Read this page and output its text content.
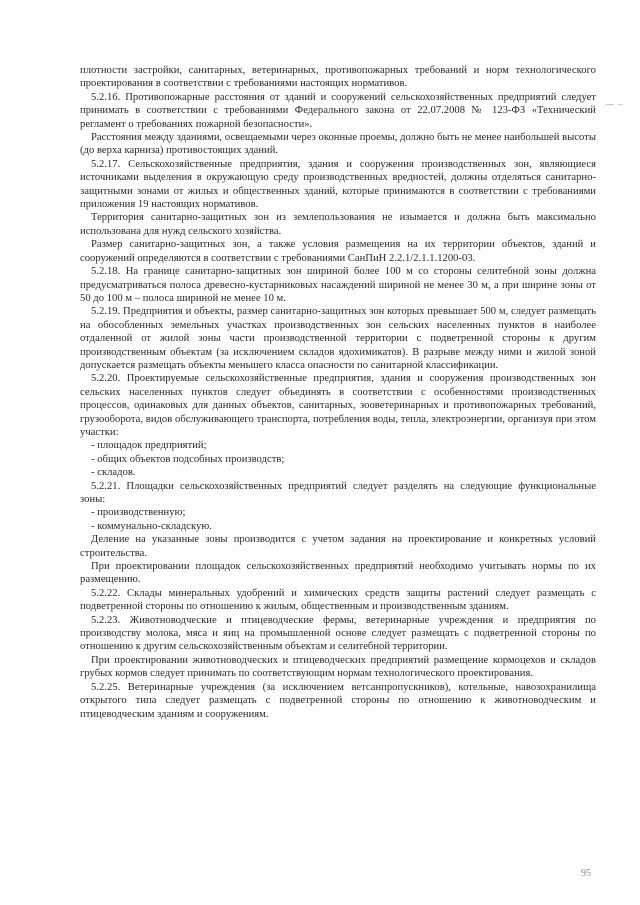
плотности застройки, санитарных, ветеринарных, противопожарных требований и норм технологического проектирования в соответствии с требованиями настоящих нормативов.

5.2.16. Противопожарные расстояния от зданий и сооружений сельскохозяйственных предприятий следует принимать в соответствии с требованиями Федерального закона от 22.07.2008 № 123-ФЗ «Технический регламент о требованиях пожарной безопасности».

Расстояния между зданиями, освещаемыми через оконные проемы, должно быть не менее наибольшей высоты (до верха карниза) противостоящих зданий.

5.2.17. Сельскохозяйственные предприятия, здания и сооружения производственных зон, являющиеся источниками выделения в окружающую среду производственных вредностей, должны отделяться санитарно-защитными зонами от жилых и общественных зданий, которые принимаются в соответствии с требованиями приложения 19 настоящих нормативов.

Территория санитарно-защитных зон из землепользования не изымается и должна быть максимально использована для нужд сельского хозяйства.

Размер санитарно-защитных зон, а также условия размещения на их территории объектов, зданий и сооружений определяются в соответствии с требованиями СанПиН 2.2.1/2.1.1.1200-03.

5.2.18. На границе санитарно-защитных зон шириной более 100 м со стороны селитебной зоны должна предусматриваться полоса древесно-кустарниковых насаждений шириной не менее 30 м, а при ширине зоны от 50 до 100 м – полоса шириной не менее 10 м.

5.2.19. Предприятия и объекты, размер санитарно-защитных зон которых превышает 500 м, следует размещать на обособленных земельных участках производственных зон сельских населенных пунктов в наиболее отдаленной от жилой зоны части производственной территории с подветренной стороны к другим производственным объектам (за исключением складов ядохимикатов). В разрыве между ними и жилой зоной допускается размещать объекты меньшего класса опасности по санитарной классификации.

5.2.20. Проектируемые сельскохозяйственные предприятия, здания и сооружения производственных зон сельских населенных пунктов следует объединять в соответствии с особенностями производственных процессов, одинаковых для данных объектов, санитарных, зооветеринарных и противопожарных требований, грузооборота, видов обслуживающего транспорта, потребления воды, тепла, электроэнергии, организуя при этом участки:

- площадок предприятий;

- общих объектов подсобных производств;

- складов.

5.2.21. Площадки сельскохозяйственных предприятий следует разделять на следующие функциональные зоны:

- производственную;

- коммунально-складскую.

Деление на указанные зоны производится с учетом задания на проектирование и конкретных условий строительства.

При проектировании площадок сельскохозяйственных предприятий необходимо учитывать нормы по их размещению.

5.2.22. Склады минеральных удобрений и химических средств защиты растений следует размещать с подветренной стороны по отношению к жилым, общественным и производственным зданиям.

5.2.23. Животноводческие и птицеводческие фермы, ветеринарные учреждения и предприятия по производству молока, мяса и яиц на промышленной основе следует размещать с подветренной стороны по отношению к другим сельскохозяйственным объектам и селитебной территории.

При проектировании животноводческих и птицеводческих предприятий размещение кормоцехов и складов грубых кормов следует принимать по соответствующим нормам технологического проектирования.

5.2.25. Ветеринарные учреждения (за исключением ветсанпропускников), котельные, навозохранилища открытого типа следует размещать с подветренной стороны по отношению к животноводческим и птицеводческим зданиям и сооружениям.

95
